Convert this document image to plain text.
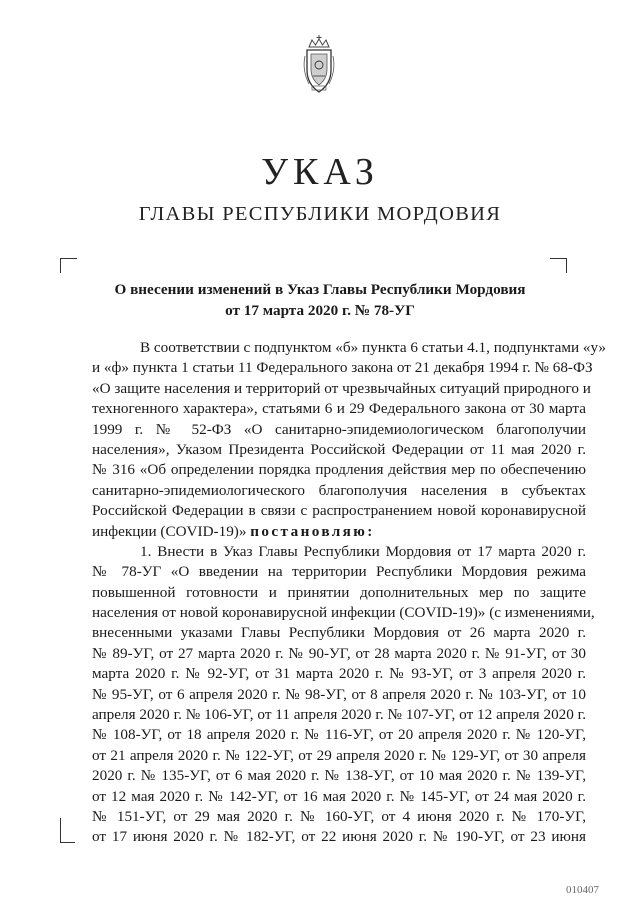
УКАЗ
ГЛАВЫ РЕСПУБЛИКИ МОРДОВИЯ
О внесении изменений в Указ Главы Республики Мордовия
от 17 марта 2020 г. № 78-УГ
В соответствии с подпунктом «б» пункта 6 статьи 4.1, подпунктами «у»
и «ф» пункта 1 статьи 11 Федерального закона от 21 декабря 1994 г. № 68-ФЗ
«О защите населения и территорий от чрезвычайных ситуаций природного и
техногенного характера», статьями 6 и 29 Федерального закона от 30 марта
1999 г. № 52-ФЗ «О санитарно-эпидемиологическом благополучии
населения», Указом Президента Российской Федерации от 11 мая 2020 г.
№ 316 «Об определении порядка продления действия мер по обеспечению
санитарно-эпидемиологического благополучия населения в субъектах
Российской Федерации в связи с распространением новой коронавирусной
инфекции (COVID-19)» постановляю:
1. Внести в Указ Главы Республики Мордовия от 17 марта 2020 г.
№ 78-УГ «О введении на территории Республики Мордовия режима
повышенной готовности и принятии дополнительных мер по защите
населения от новой коронавирусной инфекции (COVID-19)» (с изменениями,
внесенными указами Главы Республики Мордовия от 26 марта 2020 г.
№ 89-УГ, от 27 марта 2020 г. № 90-УГ, от 28 марта 2020 г. № 91-УГ, от 30
марта 2020 г. № 92-УГ, от 31 марта 2020 г. № 93-УГ, от 3 апреля 2020 г.
№ 95-УГ, от 6 апреля 2020 г. № 98-УГ, от 8 апреля 2020 г. № 103-УГ, от 10
апреля 2020 г. № 106-УГ, от 11 апреля 2020 г. № 107-УГ, от 12 апреля 2020 г.
№ 108-УГ, от 18 апреля 2020 г. № 116-УГ, от 20 апреля 2020 г. № 120-УГ,
от 21 апреля 2020 г. № 122-УГ, от 29 апреля 2020 г. № 129-УГ, от 30 апреля
2020 г. № 135-УГ, от 6 мая 2020 г. № 138-УГ, от 10 мая 2020 г. № 139-УГ,
от 12 мая 2020 г. № 142-УГ, от 16 мая 2020 г. № 145-УГ, от 24 мая 2020 г.
№ 151-УГ, от 29 мая 2020 г. № 160-УГ, от 4 июня 2020 г. № 170-УГ,
от 17 июня 2020 г. № 182-УГ, от 22 июня 2020 г. № 190-УГ, от 23 июня
010407
